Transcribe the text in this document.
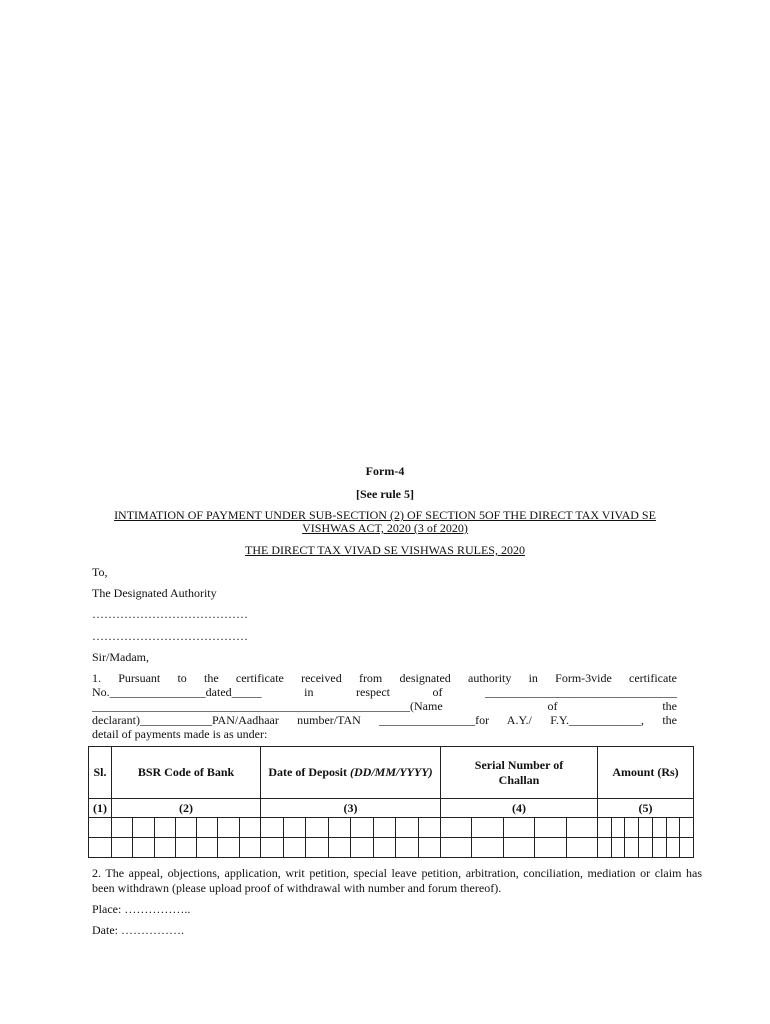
Form-4
[See rule 5]
INTIMATION OF PAYMENT UNDER SUB-SECTION (2) OF SECTION 5OF THE DIRECT TAX VIVAD SE
VISHWAS ACT, 2020 (3 of 2020)
THE DIRECT TAX VIVAD SE VISHWAS RULES, 2020
To,
The Designated Authority
…………………………………
…………………………………
Sir/Madam,
1. Pursuant to the certificate received from designated authority in Form-3vide certificate
No.________________dated_____ in respect of ________________________________
_____________________________________________________(Name of the
declarant)____________PAN/Aadhaar number/TAN ________________for A.Y./ F.Y.____________, the
detail of payments made is as under:
Sl.	BSR Code of Bank	Date of Deposit (DD/MM/YYYY)	Serial Number of Challan	Amount (Rs)
(1)	(2)	(3)	(4)	(5)

2. The appeal, objections, application, writ petition, special leave petition, arbitration, conciliation, mediation or claim has been withdrawn (please upload proof of withdrawal with number and forum thereof).
Place: ……………..
Date: …………….
